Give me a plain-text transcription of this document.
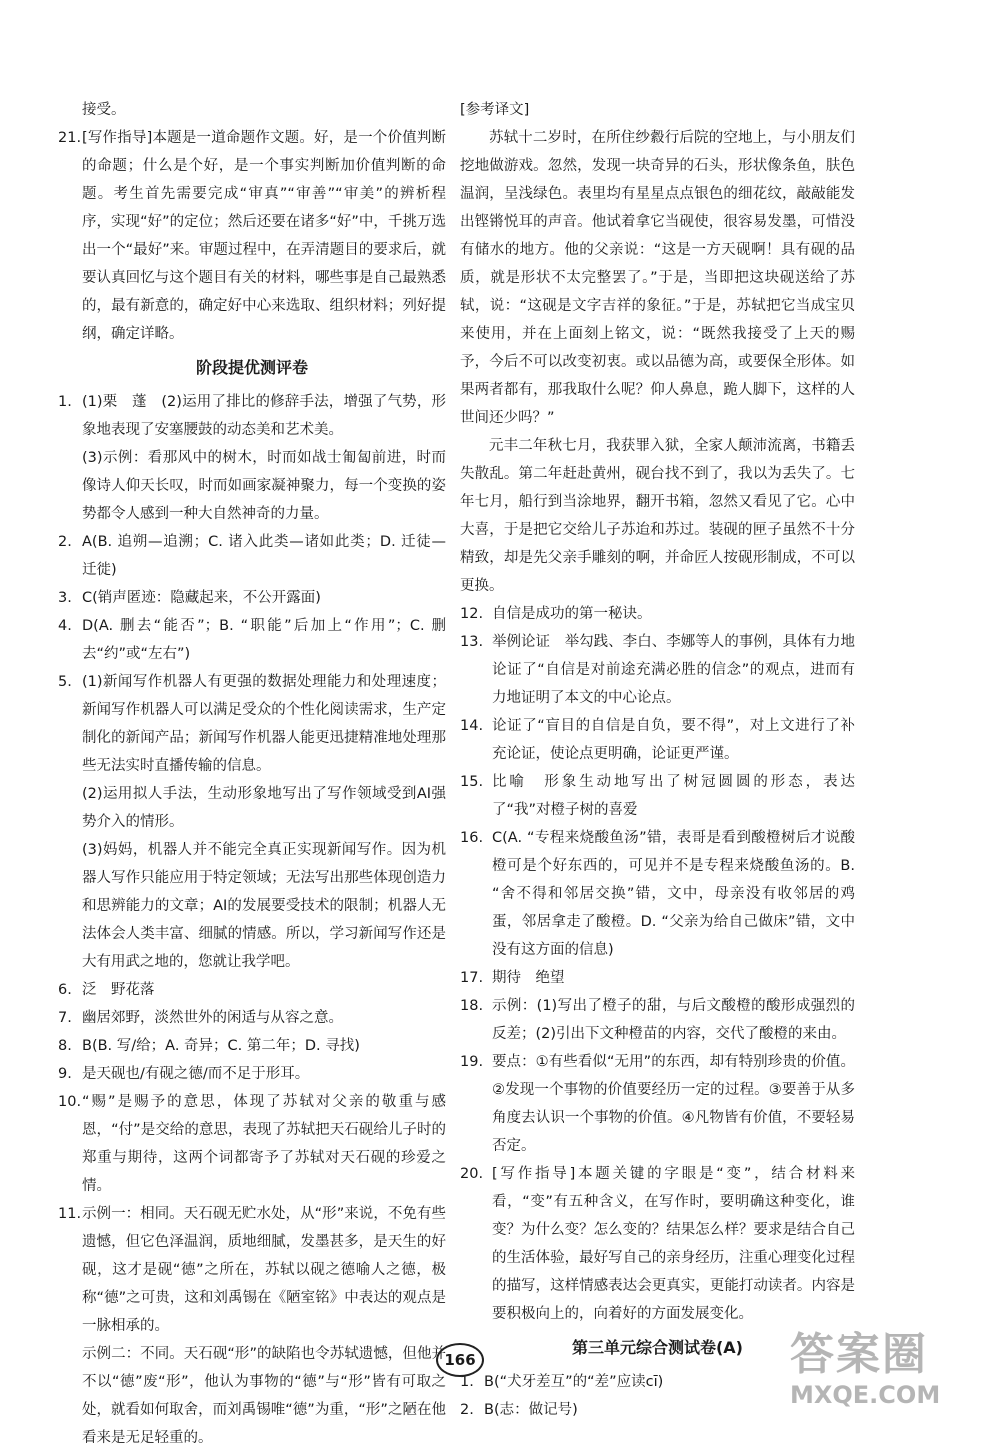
接受。
21. [写作指导]本题是一道命题作文题。好，是一个价值判断的命题；什么是个好，是一个事实判断加价值判断的命题。考生首先需要完成“审真”“审善”“审美”的辨析程序，实现“好”的定位；然后还要在诸多“好”中，千挑万选出一个“最好”来。审题过程中，在弄清题目的要求后，就要认真回忆与这个题目有关的材料，哪些事是自己最熟悉的，最有新意的，确定好中心来选取、组织材料；列好提纲，确定详略。
阶段提优测评卷
1. (1)栗　蓬　(2)运用了排比的修辞手法，增强了气势，形象地表现了安塞腰鼓的动态美和艺术美。
(3)示例：看那风中的树木，时而如战士匍匐前进，时而像诗人仰天长叹，时而如画家凝神聚力，每一个变换的姿势都令人感到一种大自然神奇的力量。
2. A(B. 追朔—追溯；C. 诸入此类—诸如此类；D. 迁徒—迁徙)
3. C(销声匿迹：隐藏起来，不公开露面)
4. D(A. 删去“能否”；B. “职能”后加上“作用”；C. 删去“约”或“左右”)
5. (1)新闻写作机器人有更强的数据处理能力和处理速度；新闻写作机器人可以满足受众的个性化阅读需求，生产定制化的新闻产品；新闻写作机器人能更迅捷精准地处理那些无法实时直播传输的信息。
(2)运用拟人手法，生动形象地写出了写作领域受到AI强势介入的情形。
(3)妈妈，机器人并不能完全真正实现新闻写作。因为机器人写作只能应用于特定领域；无法写出那些体现创造力和思辨能力的文章；AI的发展要受技术的限制；机器人无法体会人类丰富、细腻的情感。所以，学习新闻写作还是大有用武之地的，您就让我学吧。
6. 泛　野花落
7. 幽居郊野，淡然世外的闲适与从容之意。
8. B(B. 写/给；A. 奇异；C. 第二年；D. 寻找)
9. 是天砚也/有砚之德/而不足于形耳。
10. “赐”是赐予的意思，体现了苏轼对父亲的敬重与感恩，“付”是交给的意思，表现了苏轼把天石砚给儿子时的郑重与期待，这两个词都寄予了苏轼对天石砚的珍爱之情。
11. 示例一：相同。天石砚无贮水处，从“形”来说，不免有些遗憾，但它色泽温润，质地细腻，发墨甚多，是天生的好砚，这才是砚“德”之所在，苏轼以砚之德喻人之德，极称“德”之可贵，这和刘禹锡在《陋室铭》中表达的观点是一脉相承的。
示例二：不同。天石砚“形”的缺陷也令苏轼遗憾，但他并不以“德”废“形”，他认为事物的“德”与“形”皆有可取之处，就看如何取舍，而刘禹锡唯“德”为重，“形”之陋在他看来是无足轻重的。
[参考译文]
苏轼十二岁时，在所住纱縠行后院的空地上，与小朋友们挖地做游戏。忽然，发现一块奇异的石头，形状像条鱼，肤色温润，呈浅绿色。表里均有星星点点银色的细花纹，敲敲能发出铿锵悦耳的声音。他试着拿它当砚使，很容易发墨，可惜没有储水的地方。他的父亲说：“这是一方天砚啊！具有砚的品质，就是形状不太完整罢了。”于是，当即把这块砚送给了苏轼，说：“这砚是文字吉祥的象征。”于是，苏轼把它当成宝贝来使用，并在上面刻上铭文，说：“既然我接受了上天的赐予，今后不可以改变初衷。或以品德为高，或要保全形体。如果两者都有，那我取什么呢？仰人鼻息，跪人脚下，这样的人世间还少吗？”
元丰二年秋七月，我获罪入狱，全家人颠沛流离，书籍丢失散乱。第二年赶赴黄州，砚台找不到了，我以为丢失了。七年七月，船行到当涂地界，翻开书箱，忽然又看见了它。心中大喜，于是把它交给儿子苏迨和苏过。装砚的匣子虽然不十分精致，却是先父亲手雕刻的啊，并命匠人按砚形制成，不可以更换。
12. 自信是成功的第一秘诀。
13. 举例论证　举勾践、李白、李娜等人的事例，具体有力地论证了“自信是对前途充满必胜的信念”的观点，进而有力地证明了本文的中心论点。
14. 论证了“盲目的自信是自负，要不得”，对上文进行了补充论证，使论点更明确，论证更严谨。
15. 比喻　形象生动地写出了树冠圆圆的形态，表达了“我”对橙子树的喜爱
16. C(A. “专程来烧酸鱼汤”错，表哥是看到酸橙树后才说酸橙可是个好东西的，可见并不是专程来烧酸鱼汤的。B. “舍不得和邻居交换”错，文中，母亲没有收邻居的鸡蛋，邻居拿走了酸橙。D. “父亲为给自己做床”错，文中没有这方面的信息)
17. 期待　绝望
18. 示例：(1)写出了橙子的甜，与后文酸橙的酸形成强烈的反差；(2)引出下文种橙苗的内容，交代了酸橙的来由。
19. 要点：①有些看似“无用”的东西，却有特别珍贵的价值。②发现一个事物的价值要经历一定的过程。③要善于从多角度去认识一个事物的价值。④凡物皆有价值，不要轻易否定。
20. [写作指导]本题关键的字眼是“变”，结合材料来看，“变”有五种含义，在写作时，要明确这种变化，谁变？为什么变？怎么变的？结果怎么样？要求是结合自己的生活体验，最好写自己的亲身经历，注重心理变化过程的描写，这样情感表达会更真实，更能打动读者。内容是要积极向上的，向着好的方面发展变化。
第三单元综合测试卷(A)
1. B(“犬牙差互”的“差”应读cī)
2. B(志：做记号)
166	答案圈
MXQE.COM
